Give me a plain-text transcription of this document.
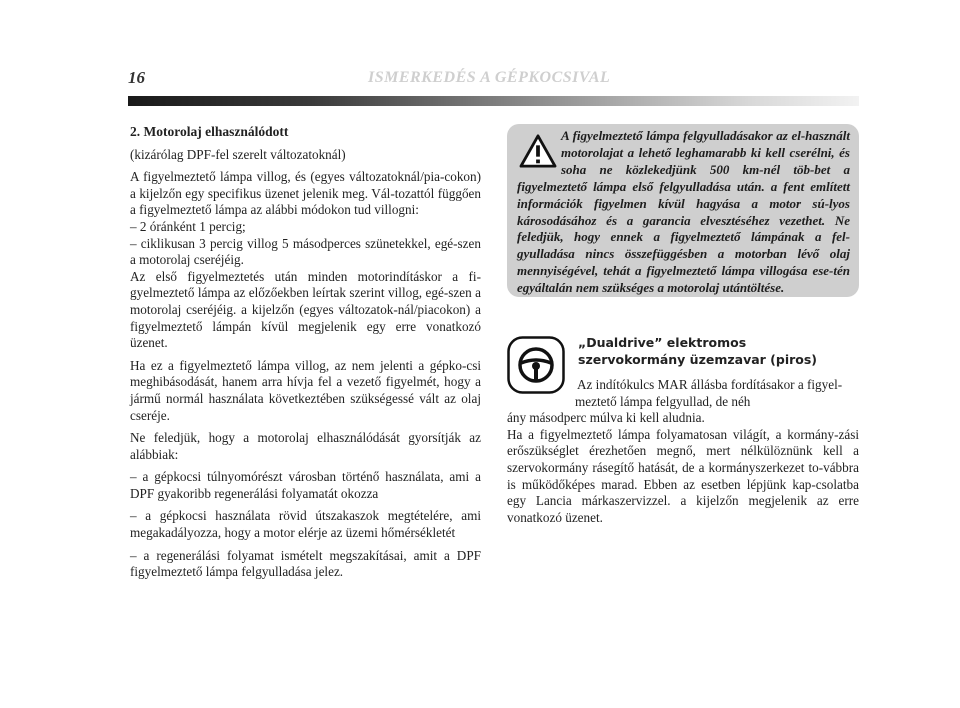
16	ISMERKEDÉS A GÉPKOCSIVAL

2. Motorolaj elhasználódott

(kizárólag DPF-fel szerelt változatoknál)

A figyelmeztető lámpa villog, és (egyes változatoknál/pia-cokon) a kijelzőn egy specifikus üzenet jelenik meg. Vál-tozattól függően a figyelmeztető lámpa az alábbi módokon tud villogni:

– 2 óránként 1 percig;

– ciklikusan 3 percig villog 5 másodperces szünetekkel, egé-szen a motorolaj cseréjéig.

Az első figyelmeztetés után minden motorindításkor a fi-gyelmeztető lámpa az előzőekben leírtak szerint villog, egé-szen a motorolaj cseréjéig. a kijelzőn (egyes változatok-nál/piacokon) a figyelmeztető lámpán kívül megjelenik egy erre vonatkozó üzenet.

Ha ez a figyelmeztető lámpa villog, az nem jelenti a gépko-csi meghibásodását, hanem arra hívja fel a vezető figyelmét, hogy a jármű normál használata következtében szükségessé vált az olaj cseréje.

Ne feledjük, hogy a motorolaj elhasználódását gyorsítják az alábbiak:

– a gépkocsi túlnyomórészt városban történő használata, ami a DPF gyakoribb regenerálási folyamatát okozza

– a gépkocsi használata rövid útszakaszok megtételére, ami megakadályozza, hogy a motor elérje az üzemi hőmérsékletét

– a regenerálási folyamat ismételt megszakításai, amit a DPF figyelmeztető lámpa felgyulladása jelez.

A figyelmeztető lámpa felgyulladásakor az el-használt motorolajat a lehető leghamarabb ki kell cserélni, és soha ne közlekedjünk 500 km-nél töb-bet a figyelmeztető lámpa első felgyulladása után. a fent említett információk figyelmen kívül hagyása a motor sú-lyos károsodásához és a garancia elvesztéséhez vezethet. Ne feledjük, hogy ennek a figyelmeztető lámpának a fel-gyulladása nincs összefüggésben a motorban lévő olaj mennyiségével, tehát a figyelmeztető lámpa villogása ese-tén egyáltalán nem szükséges a motorolaj utántöltése.
„Dualdrive” elektromos szervokormány üzemzavar (piros)

Az indítókulcs MAR állásba fordításakor a figyel-

meztető lámpa felgyullad, de néh

ány másodperc múlva ki kell aludnia.

Ha a figyelmeztető lámpa folyamatosan világít, a kormány-zási erőszükséglet érezhetően megnő, mert nélkülöznünk kell a szervokormány rásegítő hatását, de a kormányszerkezet to-vábbra is működőképes marad. Ebben az esetben lépjünk kap-csolatba egy Lancia márkaszervizzel. a kijelzőn megjelenik az erre vonatkozó üzenet.
